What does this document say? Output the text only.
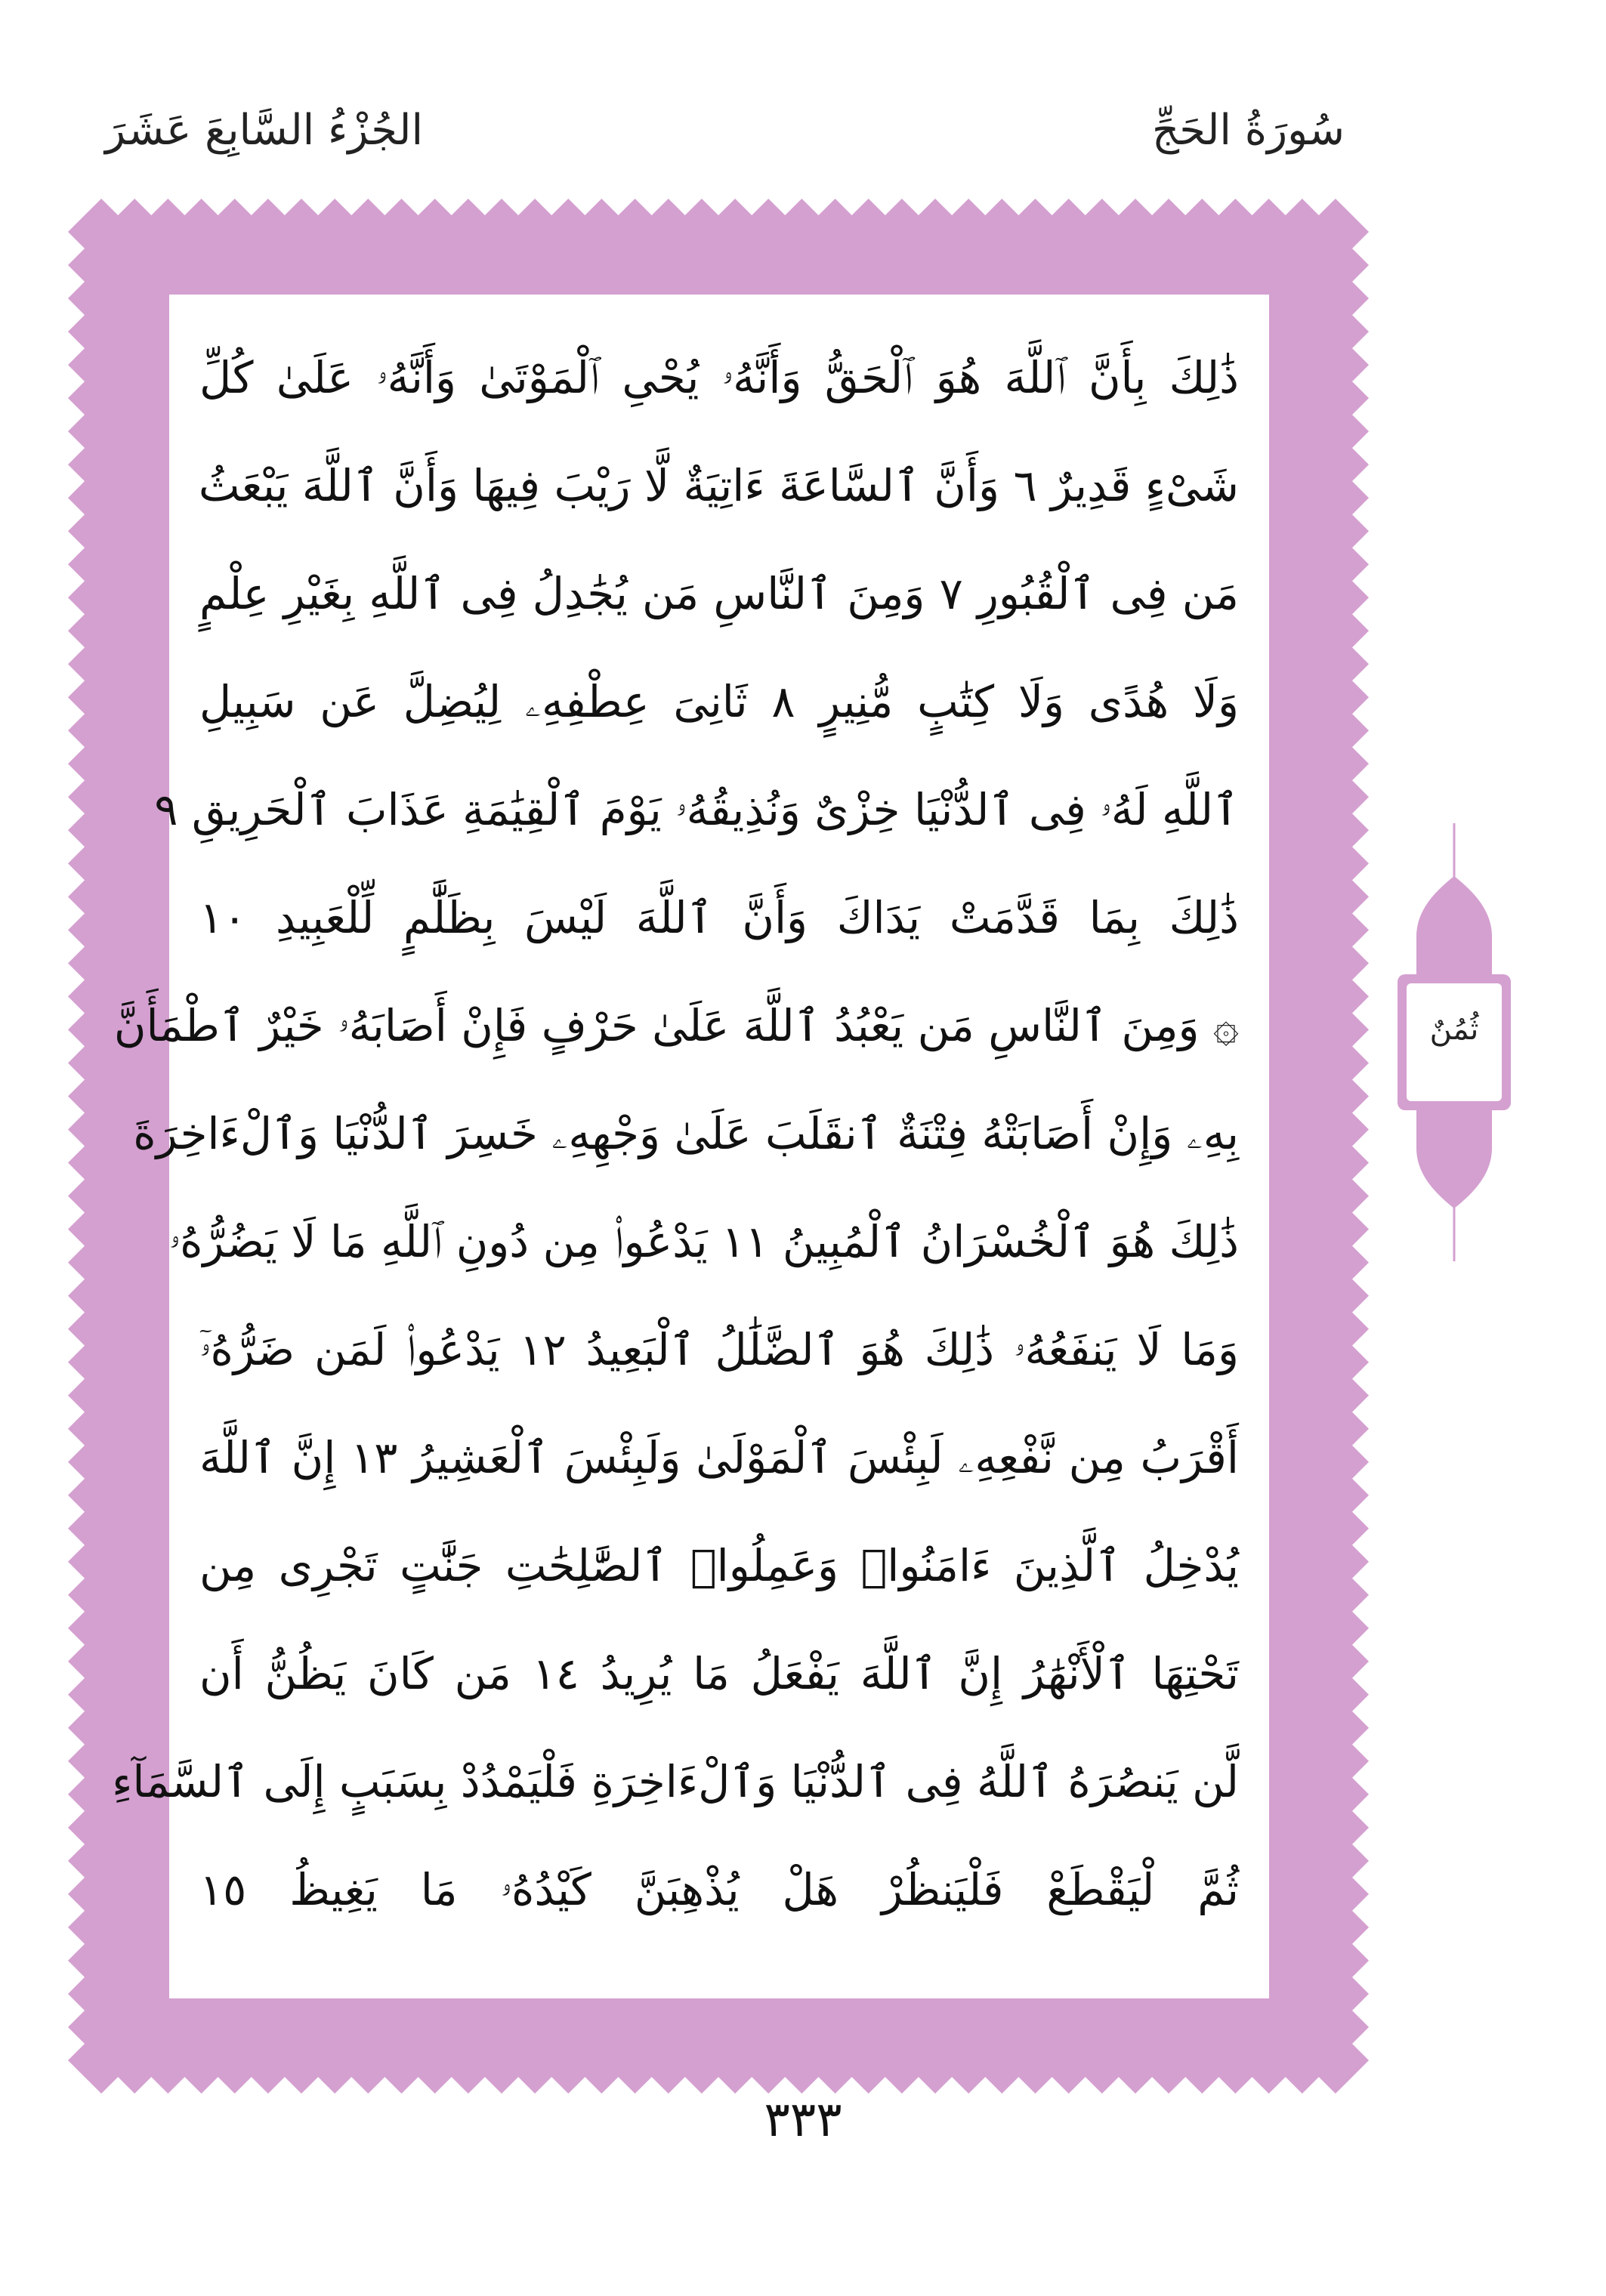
سُورَةُ الحَجِّ
الجُزْءُ السَّابِعَ عَشَرَ
ثُمُنٌ
ذَٰلِكَ بِأَنَّ ٱللَّهَ هُوَ ٱلْحَقُّ وَأَنَّهُۥ يُحْىِ ٱلْمَوْتَىٰ وَأَنَّهُۥ عَلَىٰ كُلِّ
شَىْءٍ قَدِيرٌ ٦ وَأَنَّ ٱلسَّاعَةَ ءَاتِيَةٌ لَّا رَيْبَ فِيهَا وَأَنَّ ٱللَّهَ يَبْعَثُ
مَن فِى ٱلْقُبُورِ ٧ وَمِنَ ٱلنَّاسِ مَن يُجَٰدِلُ فِى ٱللَّهِ بِغَيْرِ عِلْمٍ
وَلَا هُدًى وَلَا كِتَٰبٍ مُّنِيرٍ ٨ ثَانِىَ عِطْفِهِۦ لِيُضِلَّ عَن سَبِيلِ
ٱللَّهِ لَهُۥ فِى ٱلدُّنْيَا خِزْىٌ وَنُذِيقُهُۥ يَوْمَ ٱلْقِيَٰمَةِ عَذَابَ ٱلْحَرِيقِ ٩
ذَٰلِكَ بِمَا قَدَّمَتْ يَدَاكَ وَأَنَّ ٱللَّهَ لَيْسَ بِظَلَّٰمٍ لِّلْعَبِيدِ ١٠
۞ وَمِنَ ٱلنَّاسِ مَن يَعْبُدُ ٱللَّهَ عَلَىٰ حَرْفٍ فَإِنْ أَصَابَهُۥ خَيْرٌ ٱطْمَأَنَّ
بِهِۦ وَإِنْ أَصَابَتْهُ فِتْنَةٌ ٱنقَلَبَ عَلَىٰ وَجْهِهِۦ خَسِرَ ٱلدُّنْيَا وَٱلْءَاخِرَةَ
ذَٰلِكَ هُوَ ٱلْخُسْرَانُ ٱلْمُبِينُ ١١ يَدْعُوا۟ مِن دُونِ ٱللَّهِ مَا لَا يَضُرُّهُۥ
وَمَا لَا يَنفَعُهُۥ ذَٰلِكَ هُوَ ٱلضَّلَٰلُ ٱلْبَعِيدُ ١٢ يَدْعُوا۟ لَمَن ضَرُّهُۥٓ
أَقْرَبُ مِن نَّفْعِهِۦ لَبِئْسَ ٱلْمَوْلَىٰ وَلَبِئْسَ ٱلْعَشِيرُ ١٣ إِنَّ ٱللَّهَ
يُدْخِلُ ٱلَّذِينَ ءَامَنُوا۟ وَعَمِلُوا۟ ٱلصَّٰلِحَٰتِ جَنَّٰتٍ تَجْرِى مِن
تَحْتِهَا ٱلْأَنْهَٰرُ إِنَّ ٱللَّهَ يَفْعَلُ مَا يُرِيدُ ١٤ مَن كَانَ يَظُنُّ أَن
لَّن يَنصُرَهُ ٱللَّهُ فِى ٱلدُّنْيَا وَٱلْءَاخِرَةِ فَلْيَمْدُدْ بِسَبَبٍ إِلَى ٱلسَّمَآءِ
ثُمَّ لْيَقْطَعْ فَلْيَنظُرْ هَلْ يُذْهِبَنَّ كَيْدُهُۥ مَا يَغِيظُ ١٥
٣٣٣
